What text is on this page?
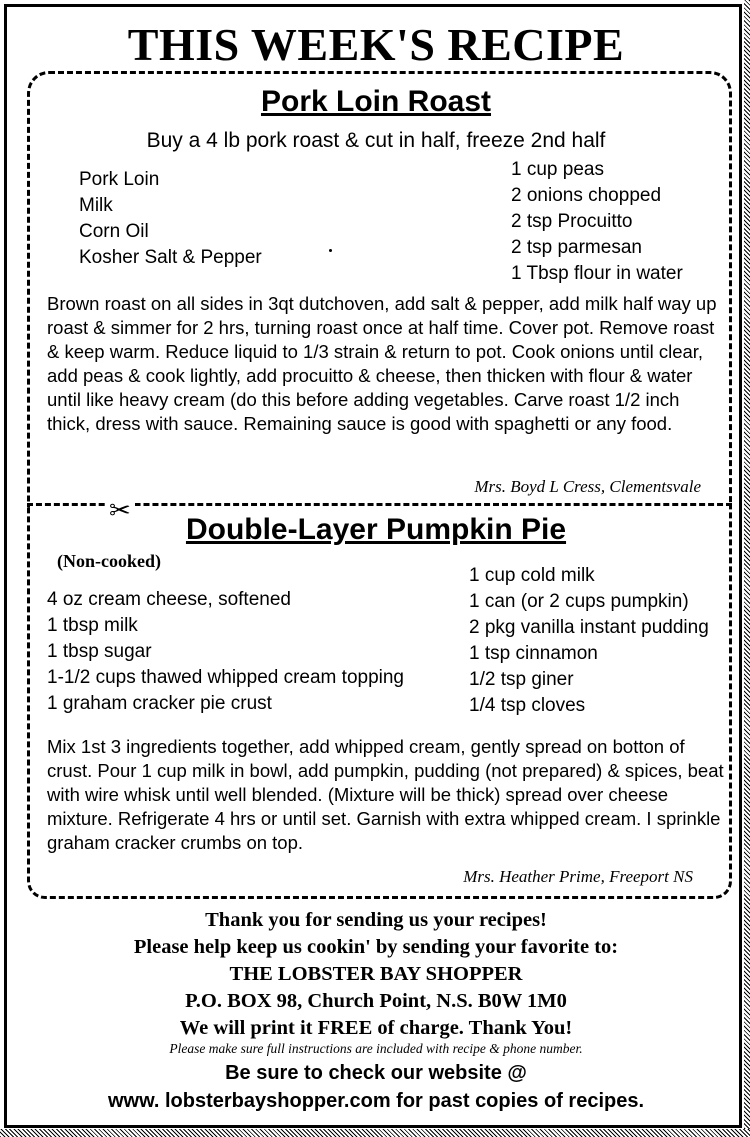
THIS WEEK'S RECIPE
Pork Loin Roast
Buy a 4 lb pork roast & cut in half, freeze 2nd half
Pork Loin
Milk
Corn Oil
Kosher Salt & Pepper
1 cup peas
2 onions chopped
2 tsp Procuitto
2 tsp parmesan
1 Tbsp flour in water
Brown roast on all sides in 3qt dutchoven, add salt & pepper, add milk half way up roast & simmer for 2 hrs, turning roast once at half time. Cover pot. Remove roast & keep warm. Reduce liquid to 1/3 strain & return to pot. Cook onions until clear, add peas & cook lightly, add procuitto & cheese, then thicken with flour & water until like heavy cream (do this before adding vegetables. Carve roast 1/2 inch thick, dress with sauce. Remaining sauce is good with spaghetti or any food.
Mrs. Boyd L Cress, Clementsvale
✂
Double-Layer Pumpkin Pie
(Non-cooked)
4 oz cream cheese, softened
1 tbsp milk
1 tbsp sugar
1-1/2 cups thawed whipped cream topping
1 graham cracker pie crust
1 cup cold milk
1 can (or 2 cups pumpkin)
2 pkg vanilla instant pudding
1 tsp cinnamon
1/2 tsp giner
1/4 tsp cloves
Mix 1st 3 ingredients together, add whipped cream, gently spread on botton of crust. Pour 1 cup milk in bowl, add pumpkin, pudding (not prepared) & spices, beat with wire whisk until well blended. (Mixture will be thick) spread over cheese mixture. Refrigerate 4 hrs or until set. Garnish with extra whipped cream. I sprinkle graham cracker crumbs on top.
Mrs. Heather Prime, Freeport NS
Thank you for sending us your recipes!
Please help keep us cookin' by sending your favorite to:
THE LOBSTER BAY SHOPPER
P.O. BOX 98, Church Point, N.S. B0W 1M0
We will print it FREE of charge. Thank You!
Please make sure full instructions are included with recipe & phone number.
Be sure to check our website @
www. lobsterbayshopper.com for past copies of recipes.
